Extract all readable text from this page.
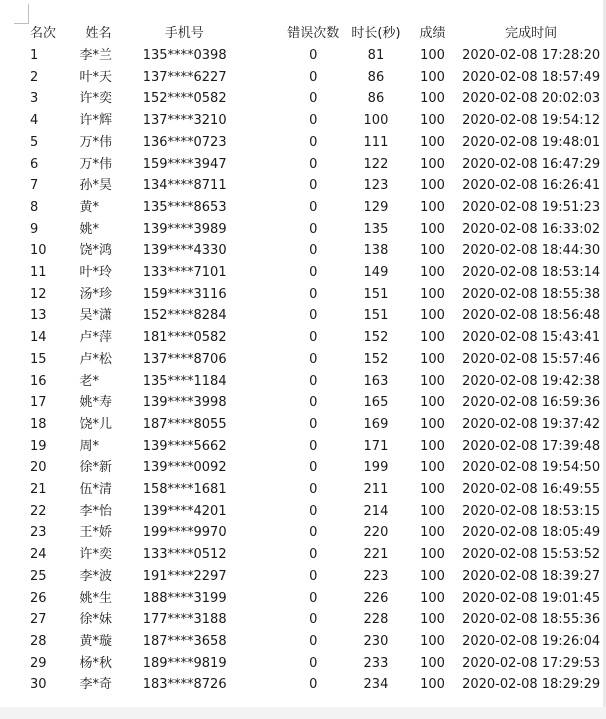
名次	姓名	手机号	错误次数	时长(秒)	成绩	完成时间
1	李*兰	135****0398	0	81	100	2020-02-08 17:28:20
2	叶*天	137****6227	0	86	100	2020-02-08 18:57:49
3	许*奕	152****0582	0	86	100	2020-02-08 20:02:03
4	许*辉	137****3210	0	100	100	2020-02-08 19:54:12
5	万*伟	136****0723	0	111	100	2020-02-08 19:48:01
6	万*伟	159****3947	0	122	100	2020-02-08 16:47:29
7	孙*昊	134****8711	0	123	100	2020-02-08 16:26:41
8	黄*	135****8653	0	129	100	2020-02-08 19:51:23
9	姚*	139****3989	0	135	100	2020-02-08 16:33:02
10	饶*鸿	139****4330	0	138	100	2020-02-08 18:44:30
11	叶*玲	133****7101	0	149	100	2020-02-08 18:53:14
12	汤*珍	159****3116	0	151	100	2020-02-08 18:55:38
13	吴*潇	152****8284	0	151	100	2020-02-08 18:56:48
14	卢*萍	181****0582	0	152	100	2020-02-08 15:43:41
15	卢*松	137****8706	0	152	100	2020-02-08 15:57:46
16	老*	135****1184	0	163	100	2020-02-08 19:42:38
17	姚*寿	139****3998	0	165	100	2020-02-08 16:59:36
18	饶*儿	187****8055	0	169	100	2020-02-08 19:37:42
19	周*	139****5662	0	171	100	2020-02-08 17:39:48
20	徐*新	139****0092	0	199	100	2020-02-08 19:54:50
21	伍*清	158****1681	0	211	100	2020-02-08 16:49:55
22	李*怡	139****4201	0	214	100	2020-02-08 18:53:15
23	王*娇	199****9970	0	220	100	2020-02-08 18:05:49
24	许*奕	133****0512	0	221	100	2020-02-08 15:53:52
25	李*波	191****2297	0	223	100	2020-02-08 18:39:27
26	姚*生	188****3199	0	226	100	2020-02-08 19:01:45
27	徐*妹	177****3188	0	228	100	2020-02-08 18:55:36
28	黄*璇	187****3658	0	230	100	2020-02-08 19:26:04
29	杨*秋	189****9819	0	233	100	2020-02-08 17:29:53
30	李*奇	183****8726	0	234	100	2020-02-08 18:29:29
